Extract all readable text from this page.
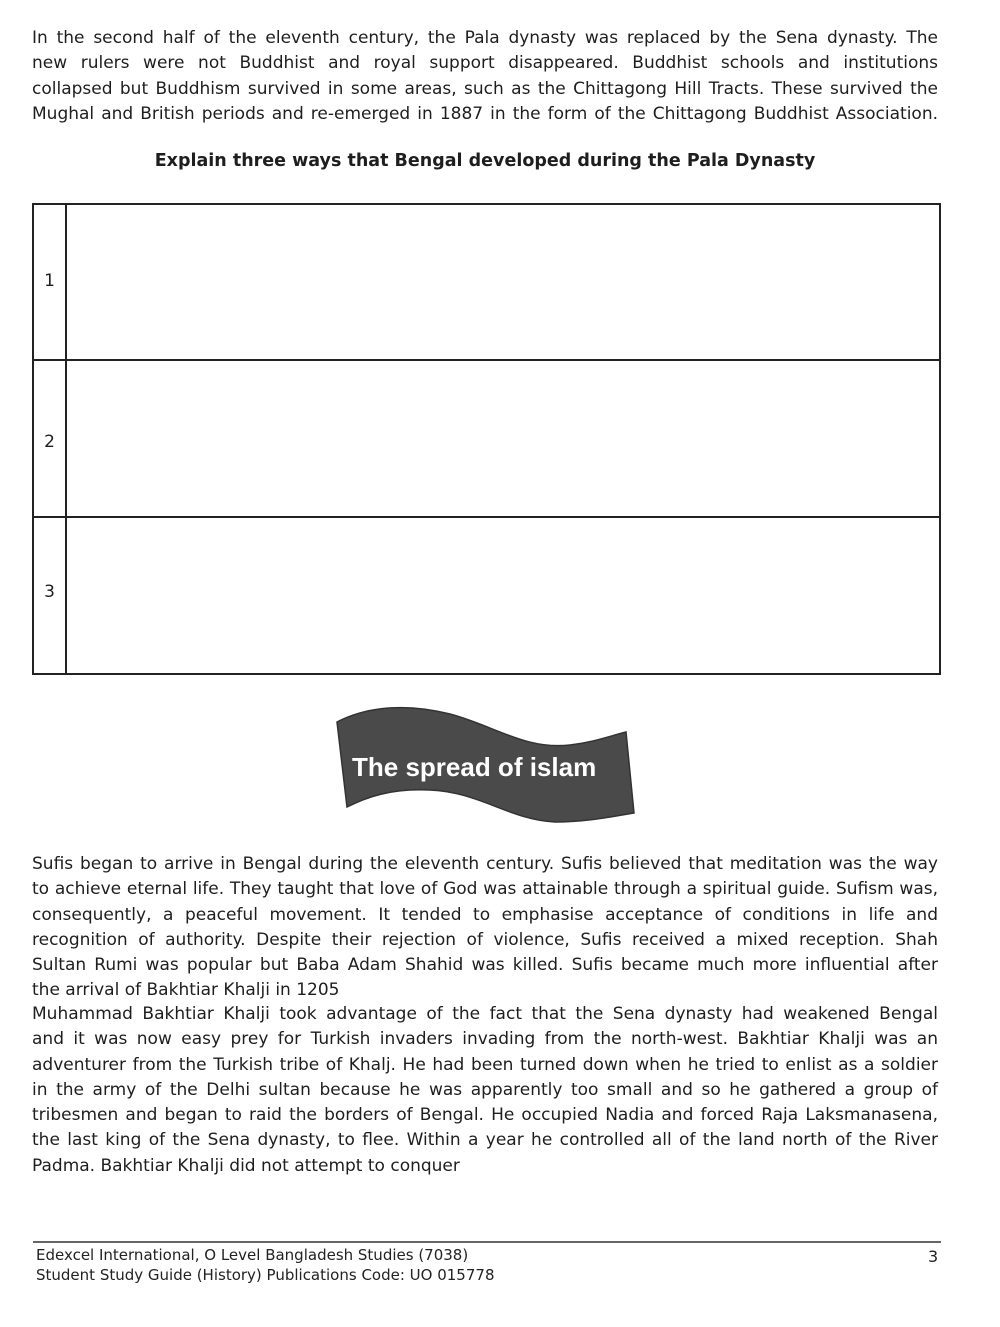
In the second half of the eleventh century, the Pala dynasty was replaced by the Sena dynasty. The
new rulers were not Buddhist and royal support disappeared. Buddhist schools and institutions
collapsed but Buddhism survived in some areas, such as the Chittagong Hill Tracts. These survived the
Mughal and British periods and re-emerged in 1887 in the form of the Chittagong Buddhist Association.
Explain three ways that Bengal developed during the Pala Dynasty
1
2
3
The spread of islam
Sufis began to arrive in Bengal during the eleventh century. Sufis believed that meditation was the way
to achieve eternal life. They taught that love of God was attainable through a spiritual guide. Sufism was,
consequently, a peaceful movement. It tended to emphasise acceptance of conditions in life and
recognition of authority. Despite their rejection of violence, Sufis received a mixed reception. Shah
Sultan Rumi was popular but Baba Adam Shahid was killed. Sufis became much more influential after
the arrival of Bakhtiar Khalji in 1205
Muhammad Bakhtiar Khalji took advantage of the fact that the Sena dynasty had weakened Bengal
and it was now easy prey for Turkish invaders invading from the north-west. Bakhtiar Khalji was an
adventurer from the Turkish tribe of Khalj. He had been turned down when he tried to enlist as a soldier
in the army of the Delhi sultan because he was apparently too small and so he gathered a group of
tribesmen and began to raid the borders of Bengal. He occupied Nadia and forced Raja Laksmanasena,
the last king of the Sena dynasty, to flee. Within a year he controlled all of the land north of the River
Padma. Bakhtiar Khalji did not attempt to conquer
Edexcel International, O Level Bangladesh Studies (7038)
Student Study Guide (History) Publications Code: UO 015778
3
